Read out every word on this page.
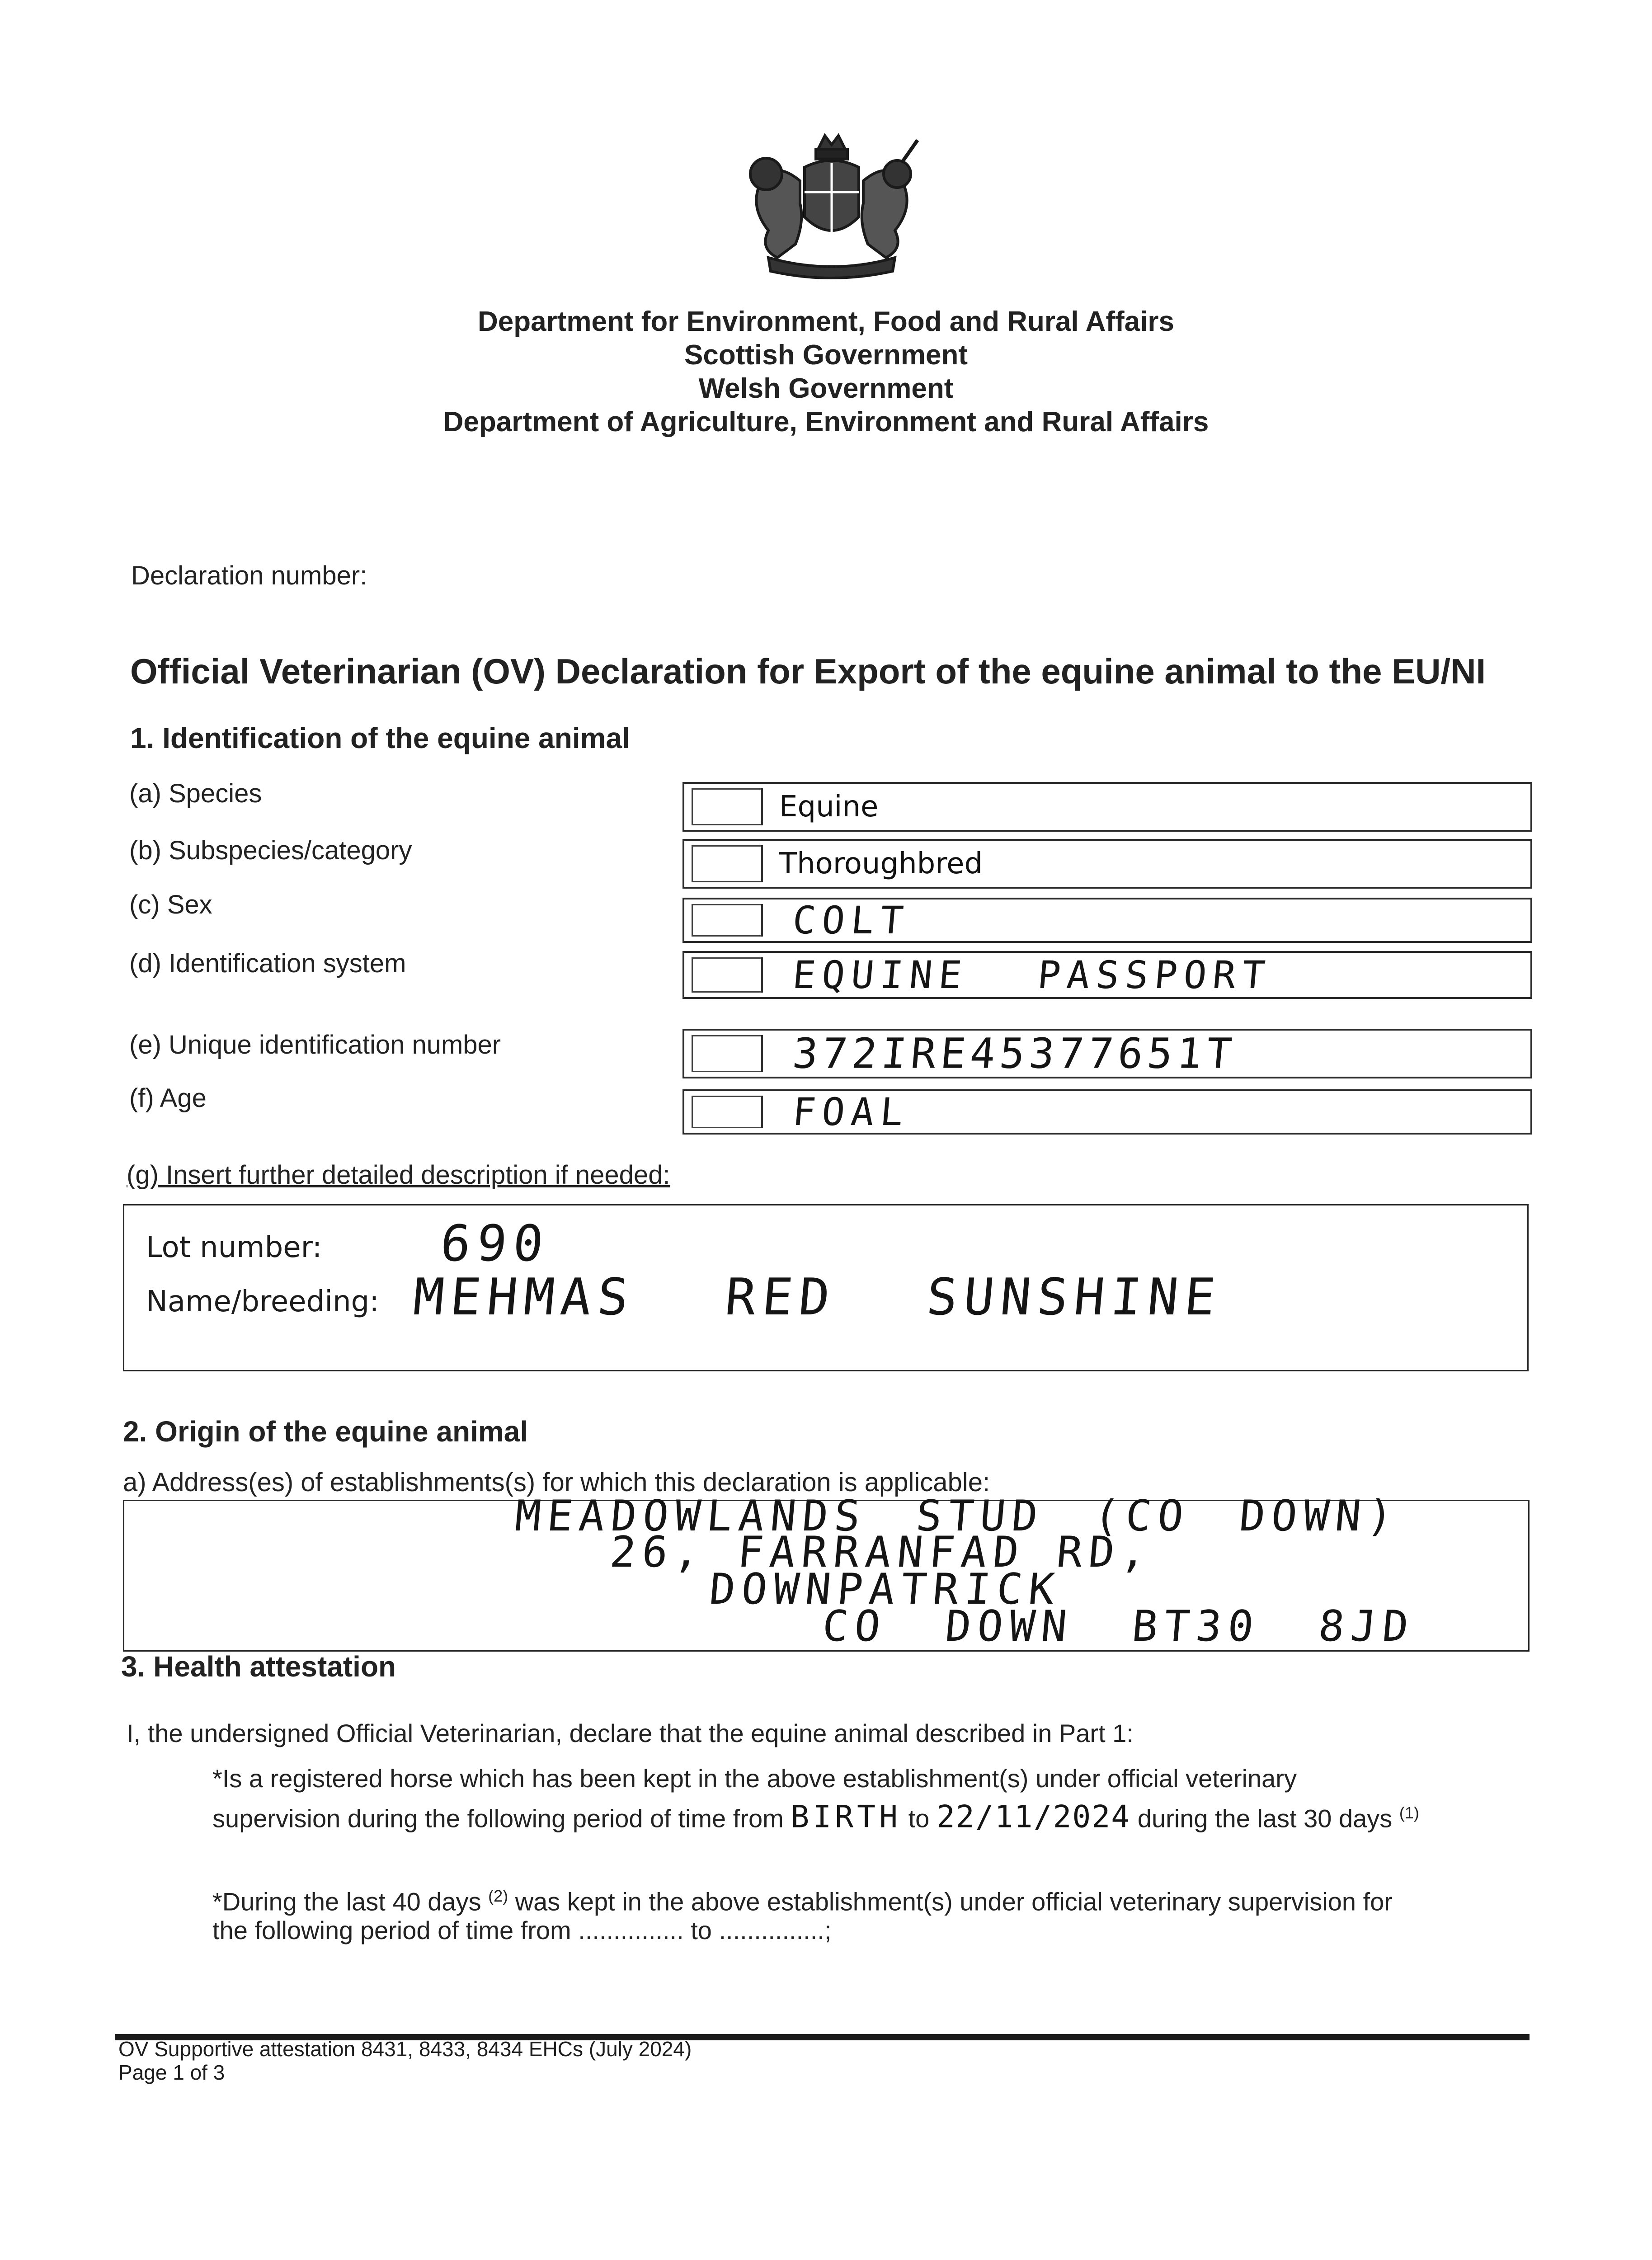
Department for Environment, Food and Rural Affairs
Scottish Government
Welsh Government
Department of Agriculture, Environment and Rural Affairs
Declaration number:
Official Veterinarian (OV) Declaration for Export of the equine animal to the EU/NI
1. Identification of the equine animal
(a) Species	Equine
(b) Subspecies/category	Thoroughbred
(c) Sex	COLT
(d) Identification system	EQUINE PASSPORT
(e) Unique identification number	372IRE45377651T
(f) Age	FOAL
(g) Insert further detailed description if needed:
Lot number: 690
Name/breeding: MEHMAS RED SUNSHINE
2. Origin of the equine animal
a) Address(es) of establishments(s) for which this declaration is applicable:
MEADOWLANDS STUD (CO DOWN)
26, FARRANFAD RD,
DOWNPATRICK
CO DOWN BT30 8JD
3. Health attestation
I, the undersigned Official Veterinarian, declare that the equine animal described in Part 1:
*Is a registered horse which has been kept in the above establishment(s) under official veterinary
supervision during the following period of time from BIRTH to 22/11/2024 during the last 30 days $^{(1)}$
*During the last 40 days $^{(2)}$ was kept in the above establishment(s) under official veterinary supervision for
the following period of time from ............... to ...............;
OV Supportive attestation 8431, 8433, 8434 EHCs (July 2024)
Page 1 of 3
